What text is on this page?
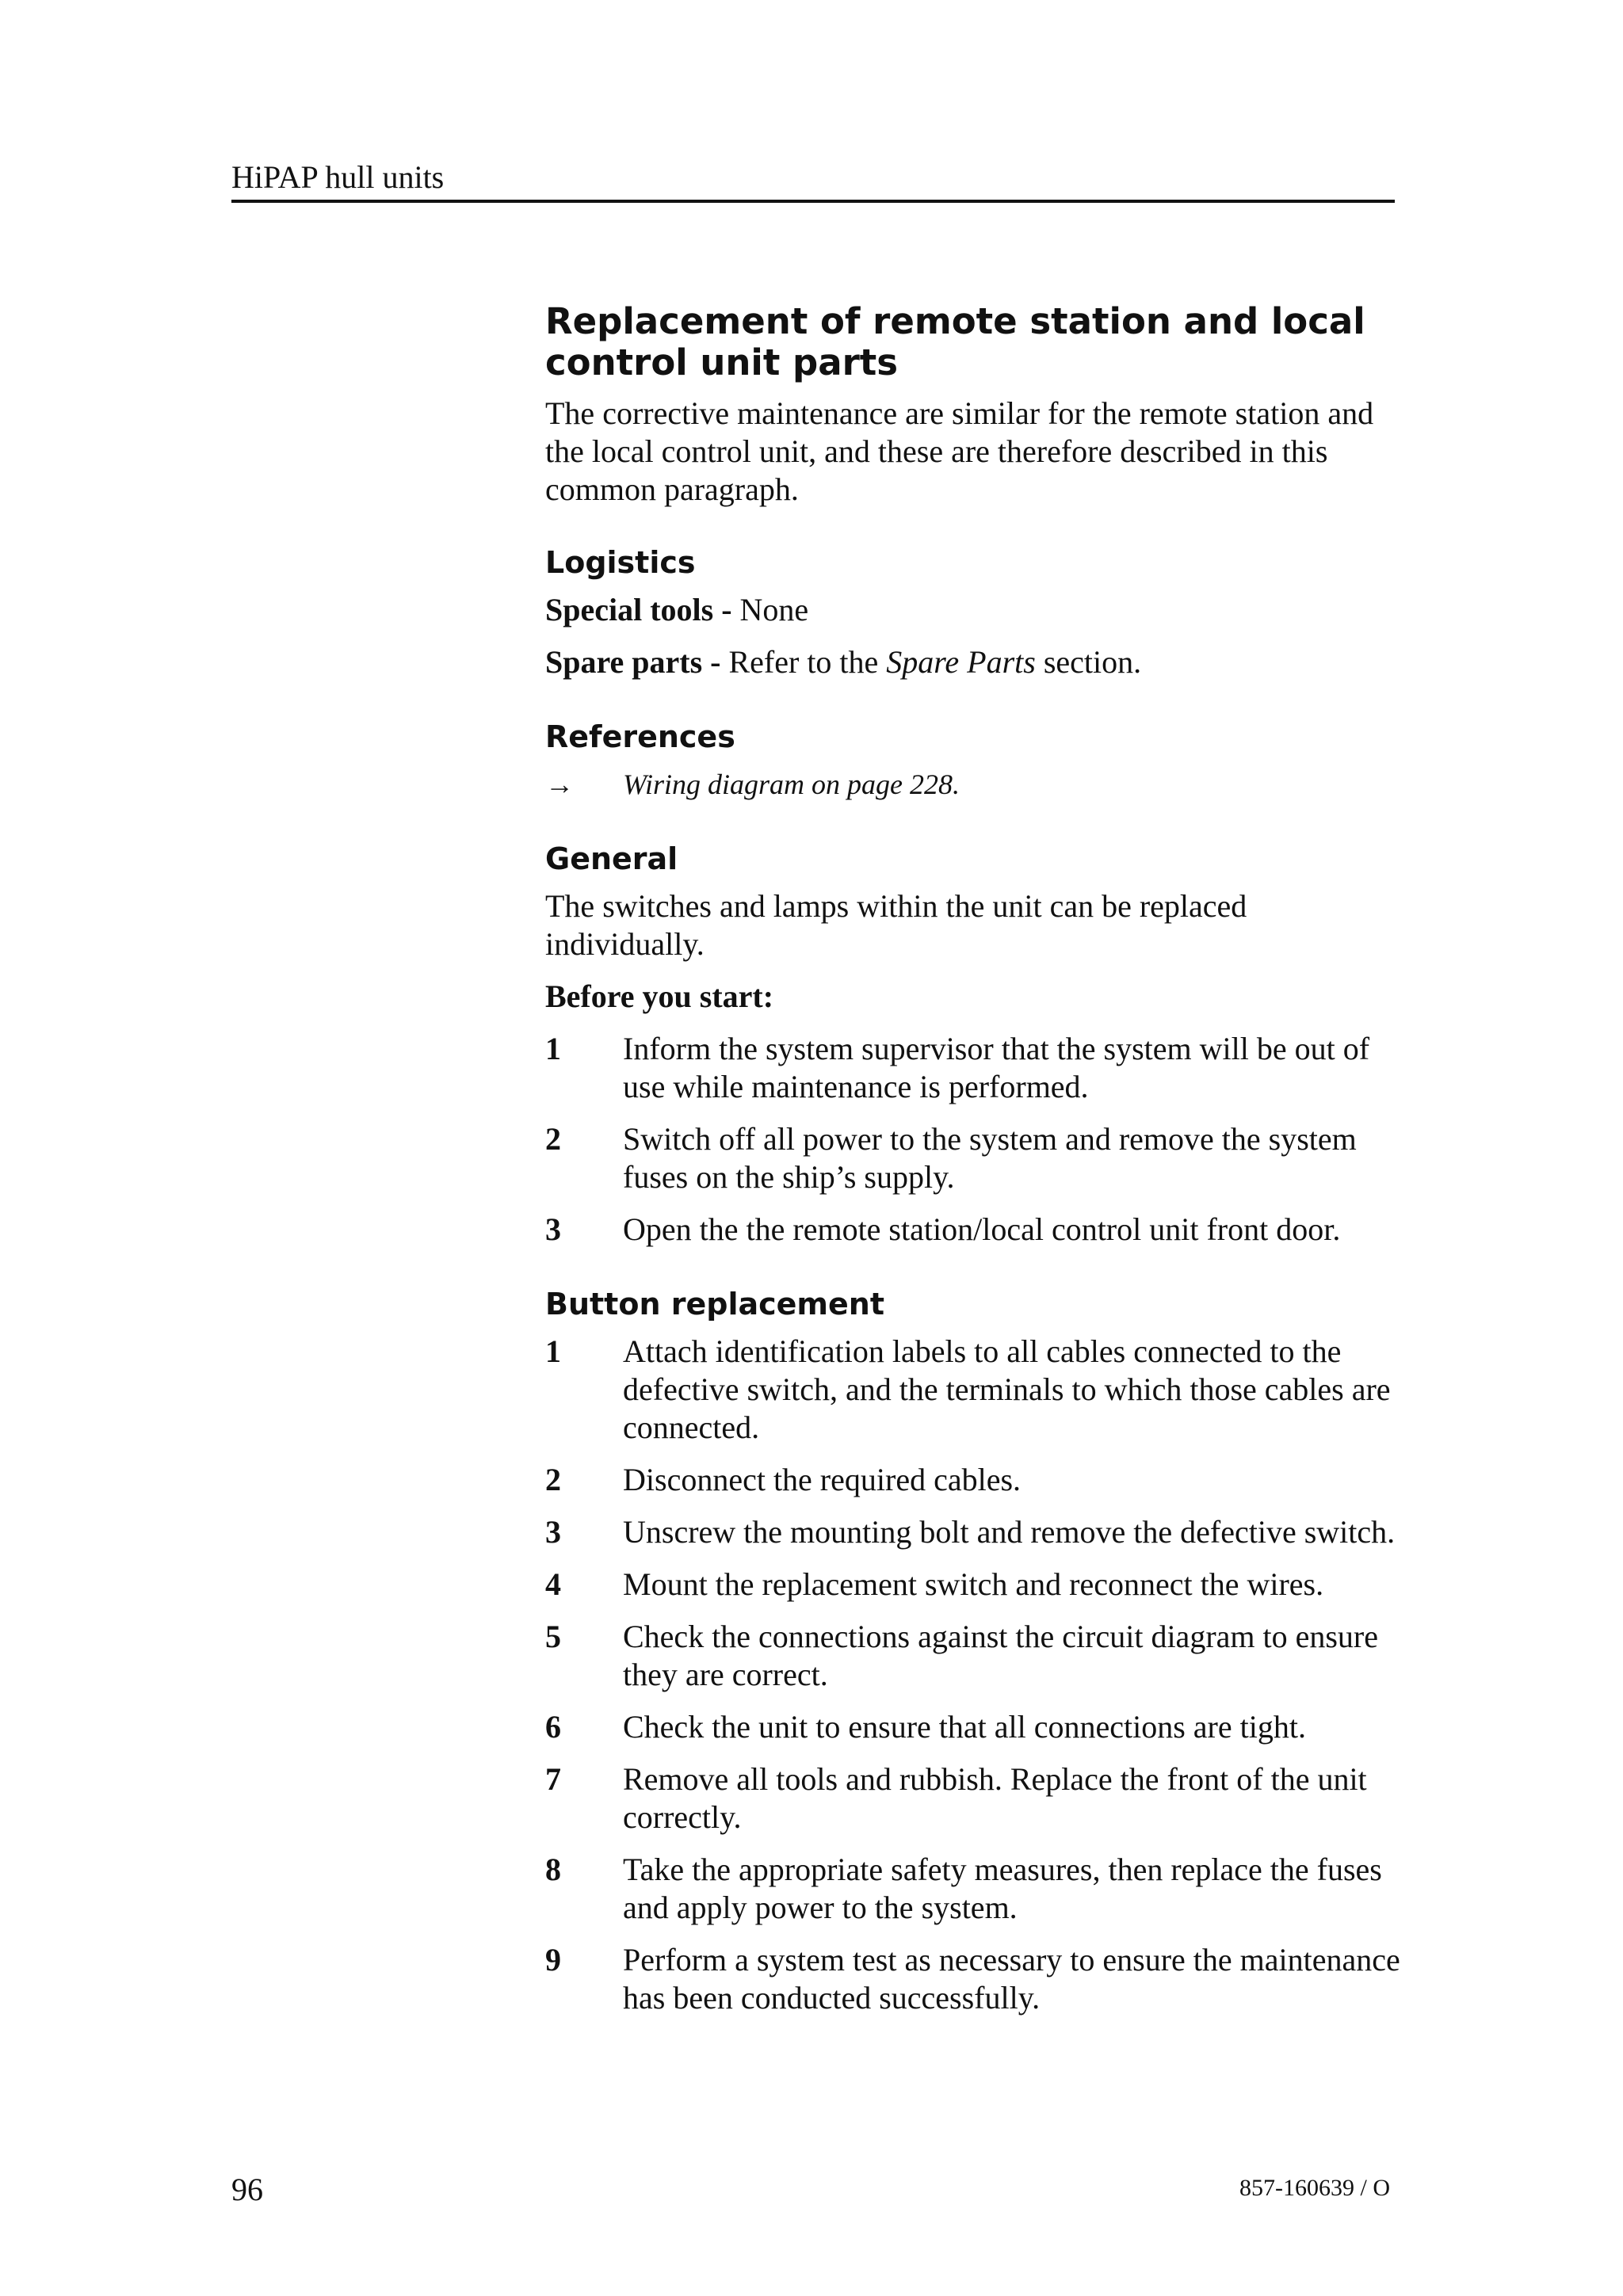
HiPAP hull units
Replacement of remote station and local control unit parts

The corrective maintenance are similar for the remote station and the local control unit, and these are therefore described in this common paragraph.

Logistics

Special tools - None

Spare parts - Refer to the Spare Parts section.

References
→	Wiring diagram on page 228.
General

The switches and lamps within the unit can be replaced individually.

Before you start:

1	Inform the system supervisor that the system will be out of use while maintenance is performed.
2	Switch off all power to the system and remove the system fuses on the ship’s supply.
3	Open the the remote station/local control unit front door.
Button replacement
1	Attach identification labels to all cables connected to the defective switch, and the terminals to which those cables are connected.
2	Disconnect the required cables.
3	Unscrew the mounting bolt and remove the defective switch.
4	Mount the replacement switch and reconnect the wires.
5	Check the connections against the circuit diagram to ensure they are correct.
6	Check the unit to ensure that all connections are tight.
7	Remove all tools and rubbish. Replace the front of the unit correctly.
8	Take the appropriate safety measures, then replace the fuses and apply power to the system.
9	Perform a system test as necessary to ensure the maintenance has been conducted successfully.
96	857-160639 / O
